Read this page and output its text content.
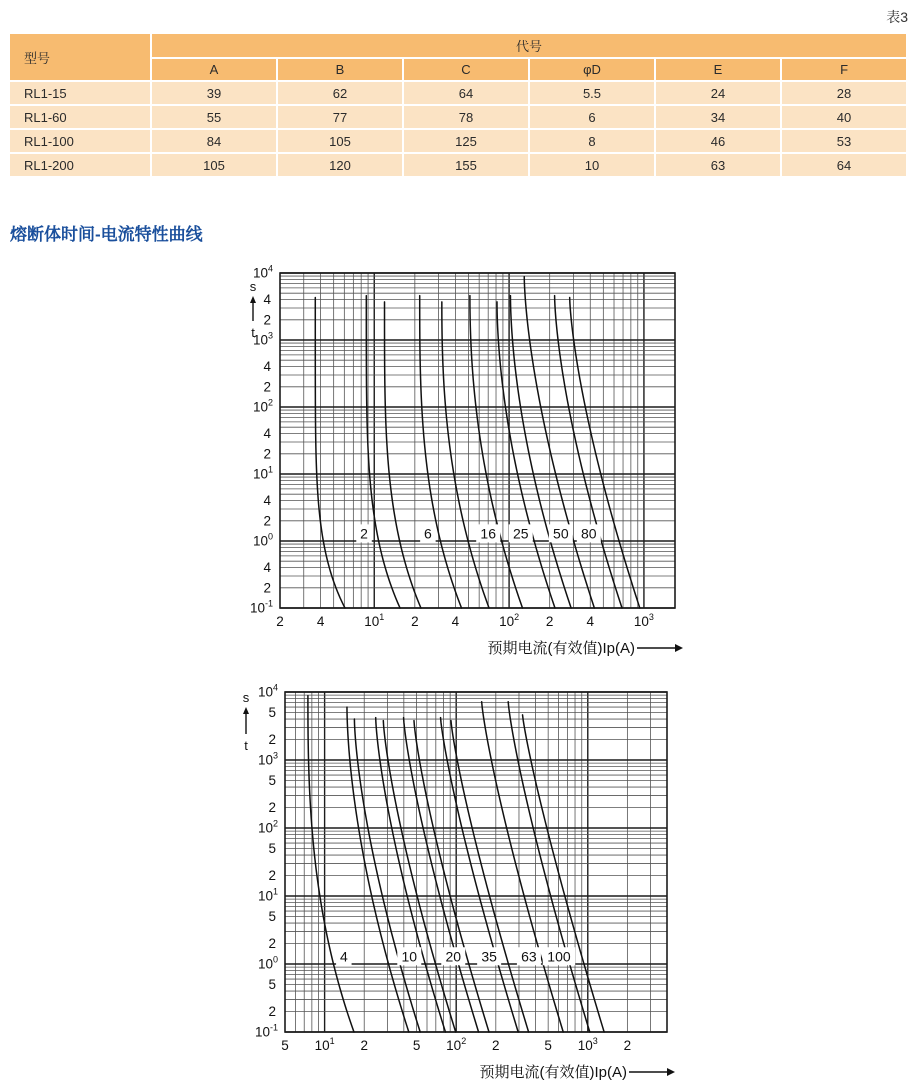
表3
型号	代号					
	A	B	C	φD	E	F
RL1-15	39	62	64	5.5	24	28
RL1-60	55	77	78	6	34	40
RL1-100	84	105	125	8	46	53
RL1-200	105	120	155	10	63	64
熔断体时间-电流特性曲线
2	6	16 25 50 80
2 4	$10^1$ 2 4	$10^2$ 2 4	$10^3$
$10^4$
4
2
$10^3$
4
2
$10^2$
4
2
$10^1$
4
2
$10^0$
4
2
$10^{-1}$
s
t
预期电流(有效值)Ip(A)
4	10 20 35 63 100
5 $10^1$ 2	5 $10^2$ 2	5 $10^3$ 2
$10^4$
5
2
$10^3$
5
2
$10^2$
5
2
$10^1$
5
2
$10^0$
5
2
$10^{-1}$
s
t
预期电流(有效值)Ip(A)
